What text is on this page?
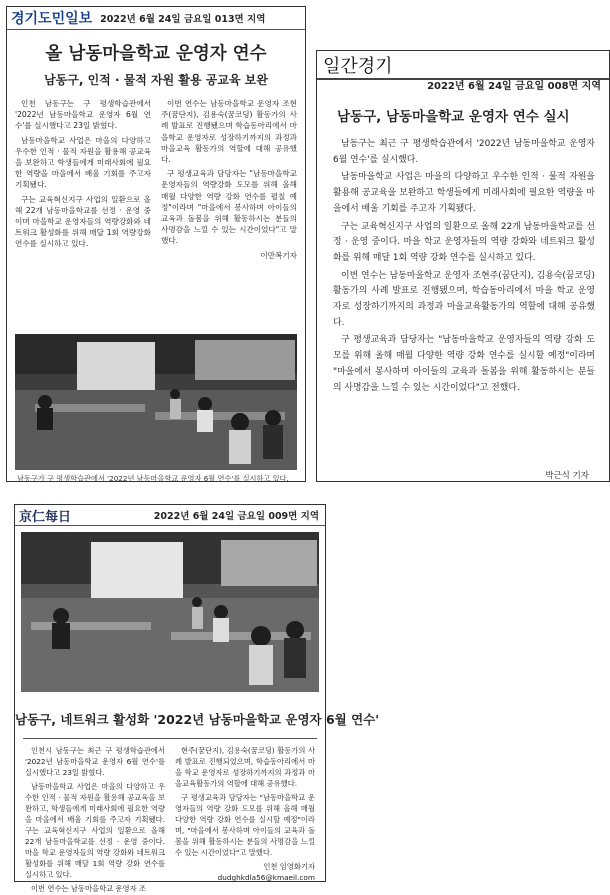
경기도민일보 2022년 6월 24일 금요일 013면 지역
올 남동마을학교 운영자 연수
남동구, 인적 · 물적 자원 활용 공교육 보완

인천 남동구는 구 평생학습관에서 '2022년 남동마을학교 운영자 6월 연수'를 실시했다고 23일 밝혔다.

남동마을학교 사업은 마을의 다양하고 우수한 인적 · 물적 자원을 활용해 공교육을 보완하고 학생들에게 미래사회에 필요한 역량을 마을에서 배울 기회를 주고자 기획됐다.

구는 교육혁신지구 사업의 일환으로 올해 22개 남동마을학교를 선정 · 운영 중이며 마을학교 운영자들의 역량강화와 네트워크 활성화를 위해 매달 1회 역량강화 연수를 실시하고 있다.

이번 연수는 남동마을학교 운영자 조현주(꿈단지), 김용숙(꿈코딩) 활동가의 사례 발표로 진행됐으며 학습동아리에서 마을학교 운영자로 성장하기까지의 과정과 마을교육 활동가의 역할에 대해 공유했다.

구 평생교육과 담당자는 "남동마을학교 운영자들의 역량강화 도모를 위해 올해 매월 다양한 역량 강화 연수를 펼칠 예정"이라며 "마을에서 봉사하며 아이들의 교육과 돌봄을 위해 활동하시는 분들의 사명감을 느낄 수 있는 시간이었다"고 말했다.

이만복기자
남동구가 구 평생학습관에서 '2022년 남동마을학교 운영자 6월 연수'를 실시하고 있다.
일간경기
2022년 6월 24일 금요일 008면 지역
남동구, 남동마을학교 운영자 연수 실시

남동구는 최근 구 평생학습관에서 '2022년 남동마을학교 운영자 6월 연수'를 실시했다.

남동마을학교 사업은 마을의 다양하고 우수한 인적 · 물적 자원을 활용해 공교육을 보완하고 학생들에게 미래사회에 필요한 역량을 마을에서 배울 기회를 주고자 기획됐다.

구는 교육혁신지구 사업의 일환으로 올해 22개 남동마을학교를 선정 · 운영 중이다. 마을 학교 운영자들의 역량 강화와 네트워크 활성화를 위해 매달 1회 역량 강화 연수를 실시하고 있다.

이번 연수는 남동마을학교 운영자 조현주(꿈단지), 김용숙(꿈코딩) 활동가의 사례 발표로 진행됐으며, 학습동아리에서 마을 학교 운영자로 성장하기까지의 과정과 마을교육활동가의 역할에 대해 공유했다.

구 평생교육과 담당자는 "남동마을학교 운영자들의 역량 강화 도모를 위해 올해 매월 다양한 역량 강화 연수를 실시할 예정"이라며 "마을에서 봉사하며 아이들의 교육과 돌봄을 위해 활동하시는 분들의 사명감을 느낄 수 있는 시간이었다"고 전했다.

박근식 기자
京仁每日	2022년 6월 24일 금요일 009면 지역
남동구, 네트워크 활성화 '2022년 남동마을학교 운영자 6월 연수'

인천시 남동구는 최근 구 평생학습관에서 '2022년 남동마을학교 운영자 6월 연수'를 실시했다고 23일 밝혔다.

남동마을학교 사업은 마을의 다양하고 우수한 인적 · 물적 자원을 활용해 공교육을 보완하고, 학생들에게 미래사회에 필요한 역량을 마을에서 배울 기회를 주고자 기획됐다. 구는 교육혁신지구 사업의 일환으로 올해 22개 남동마을학교를 선정 · 운영 중이다. 마을 학교 운영자들의 역량 강화와 네트워크 활성화를 위해 매달 1회 역량 강화 연수를 실시하고 있다.

이번 연수는 남동마을학교 운영자 조

현주(꿈단지), 김용숙(꿈코딩) 활동가의 사례 발표로 진행되었으며, 학습동아리에서 마을 학교 운영자로 성장하기까지의 과정과 마을교육활동가의 역할에 대해 공유했다.

구 평생교육과 담당자는 "남동마을학교 운영자들의 역량 강화 도모를 위해 올해 매월 다양한 역량 강화 연수를 실시할 예정"이라며, "마을에서 봉사하며 아이들의 교육과 돌봄을 위해 활동하시는 분들의 사명감을 느낄 수 있는 시간이었다"고 말했다.

인천 임영화기자
dudghkdla56@kmaeil.com
